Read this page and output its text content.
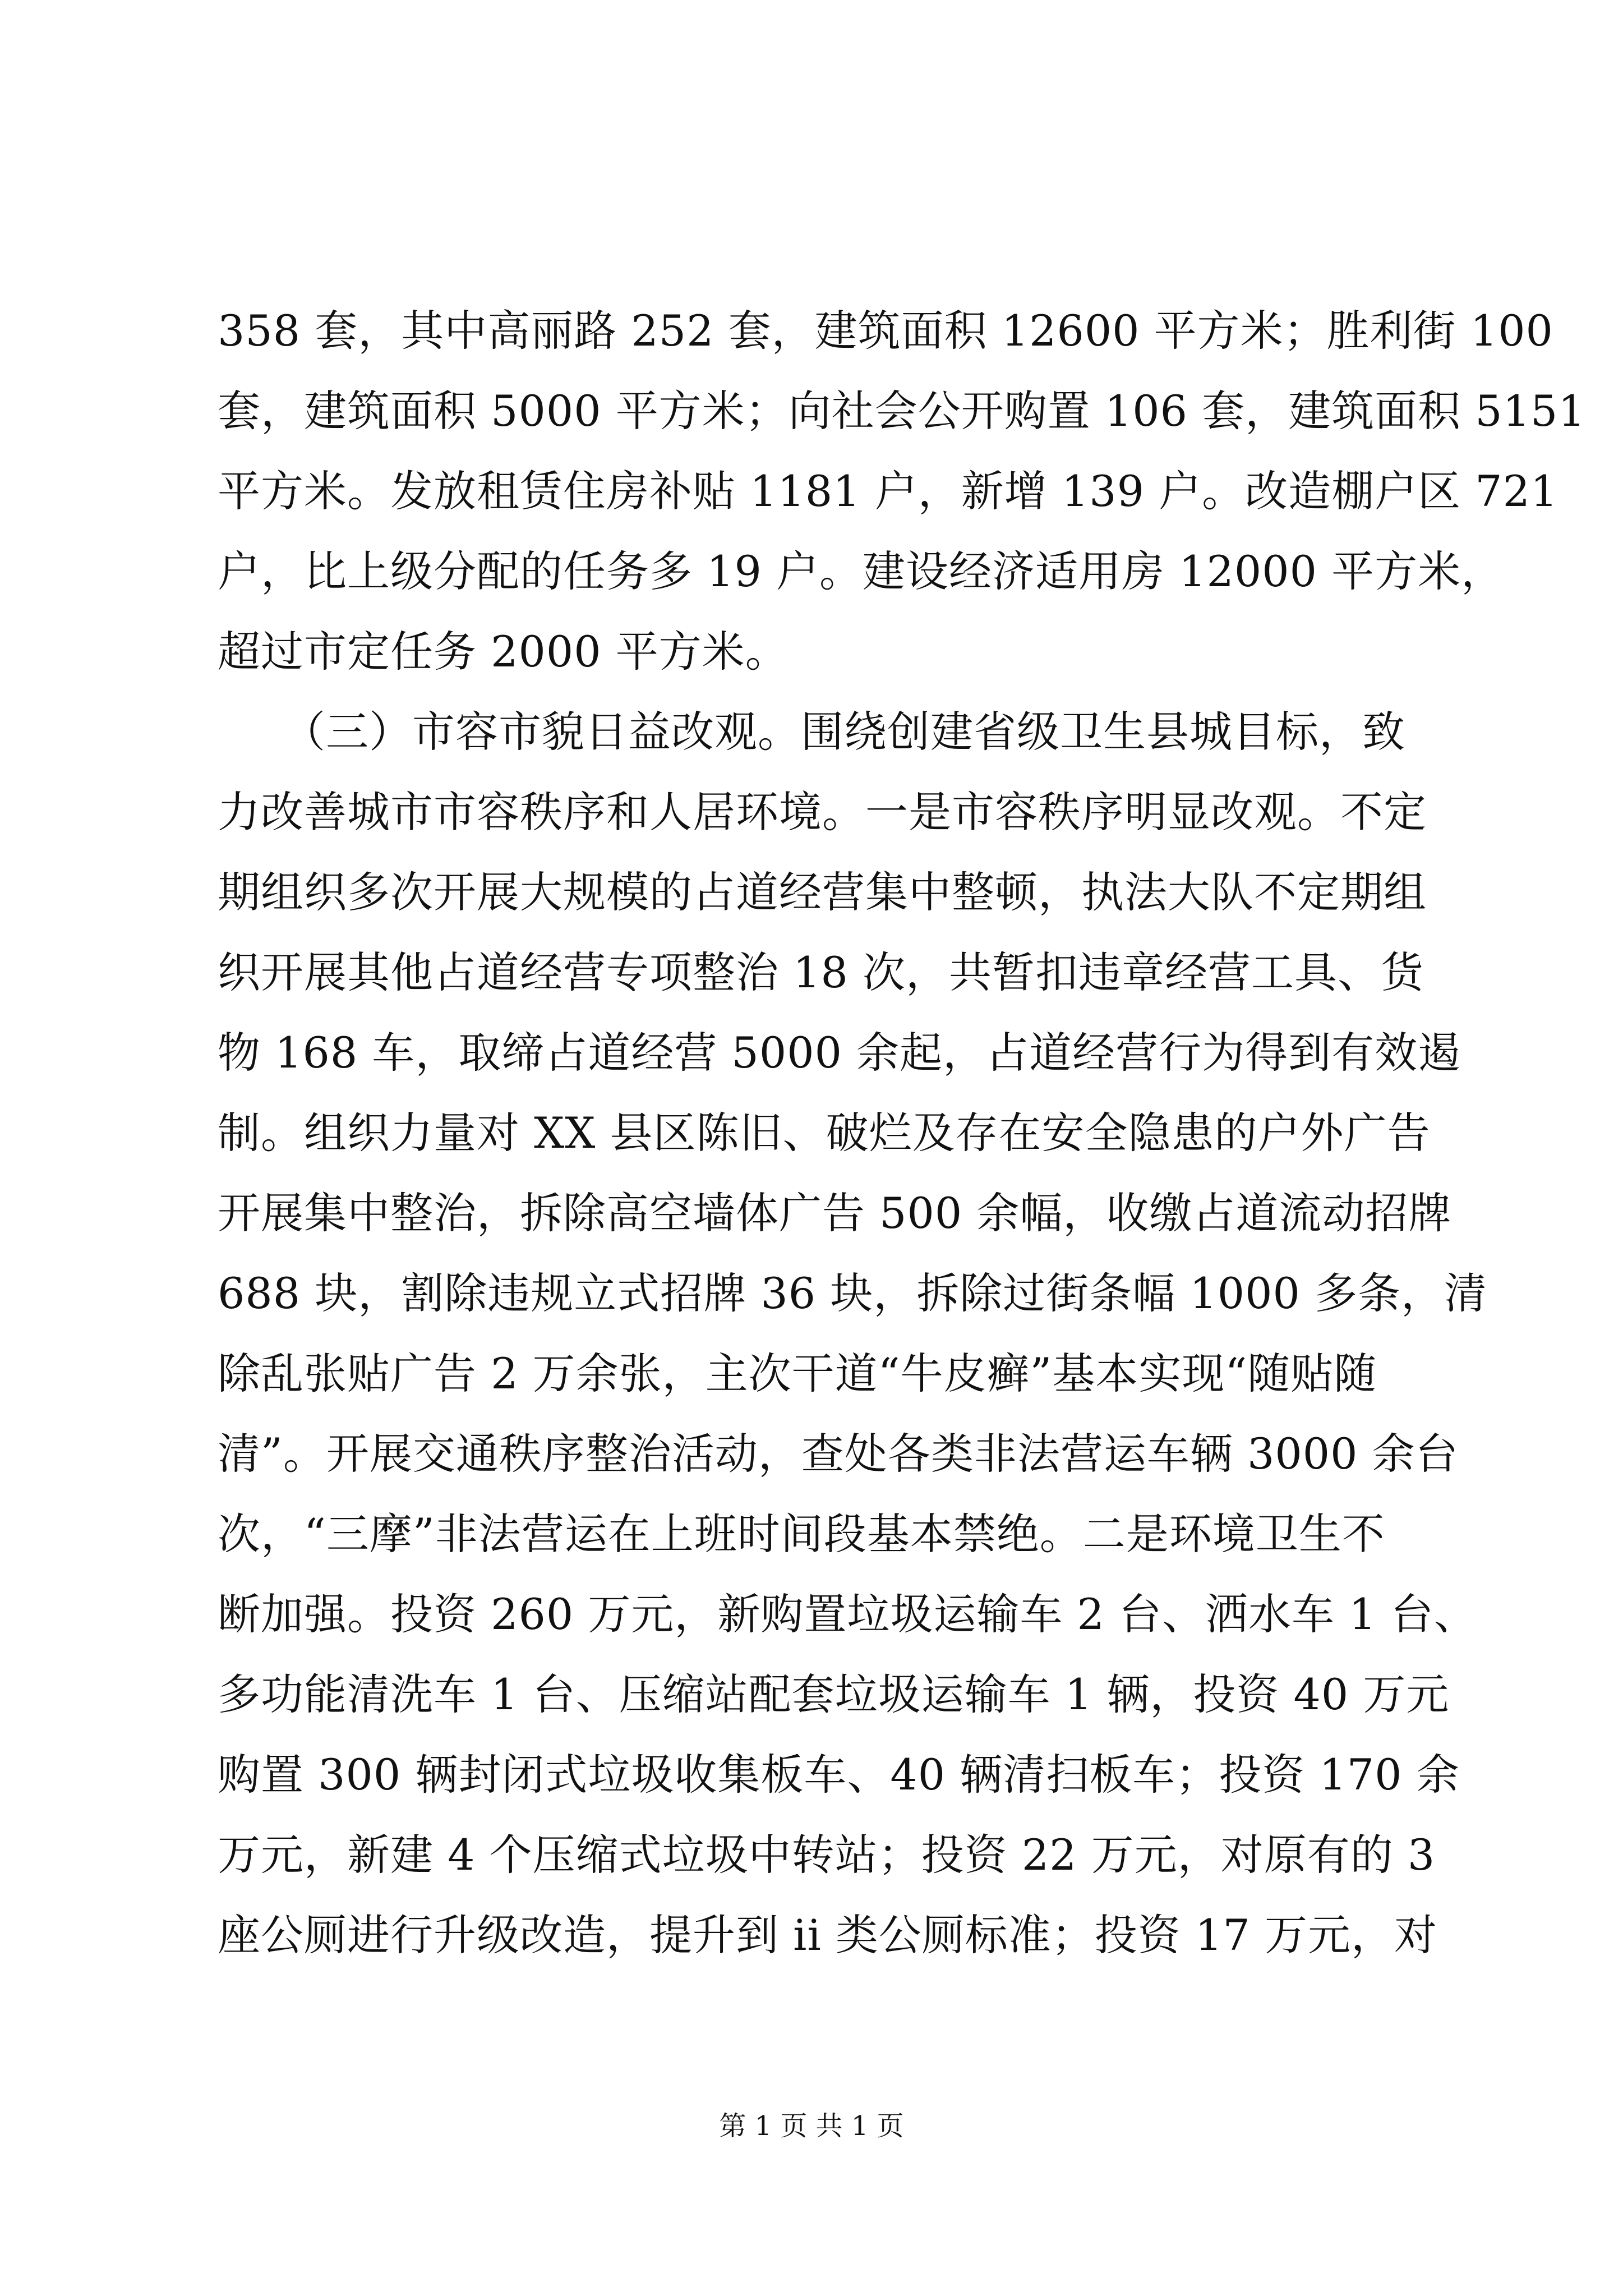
358 套，其中高丽路 252 套，建筑面积 12600 平方米；胜利街 100
套，建筑面积 5000 平方米；向社会公开购置 106 套，建筑面积 5151
平方米。发放租赁住房补贴 1181 户，新增 139 户。改造棚户区 721
户，比上级分配的任务多 19 户。建设经济适用房 12000 平方米，
超过市定任务 2000 平方米。
　　（三）市容市貌日益改观。围绕创建省级卫生县城目标，致
力改善城市市容秩序和人居环境。一是市容秩序明显改观。不定
期组织多次开展大规模的占道经营集中整顿，执法大队不定期组
织开展其他占道经营专项整治 18 次，共暂扣违章经营工具、货
物 168 车，取缔占道经营 5000 余起，占道经营行为得到有效遏
制。组织力量对 XX 县区陈旧、破烂及存在安全隐患的户外广告
开展集中整治，拆除高空墙体广告 500 余幅，收缴占道流动招牌
688 块，割除违规立式招牌 36 块，拆除过街条幅 1000 多条，清
除乱张贴广告 2 万余张，主次干道“牛皮癣”基本实现“随贴随
清”。开展交通秩序整治活动，查处各类非法营运车辆 3000 余台
次，“三摩”非法营运在上班时间段基本禁绝。二是环境卫生不
断加强。投资 260 万元，新购置垃圾运输车 2 台、洒水车 1 台、
多功能清洗车 1 台、压缩站配套垃圾运输车 1 辆，投资 40 万元
购置 300 辆封闭式垃圾收集板车、40 辆清扫板车；投资 170 余
万元，新建 4 个压缩式垃圾中转站；投资 22 万元，对原有的 3
座公厕进行升级改造，提升到 ii 类公厕标准；投资 17 万元，对
第 1 页 共 1 页
